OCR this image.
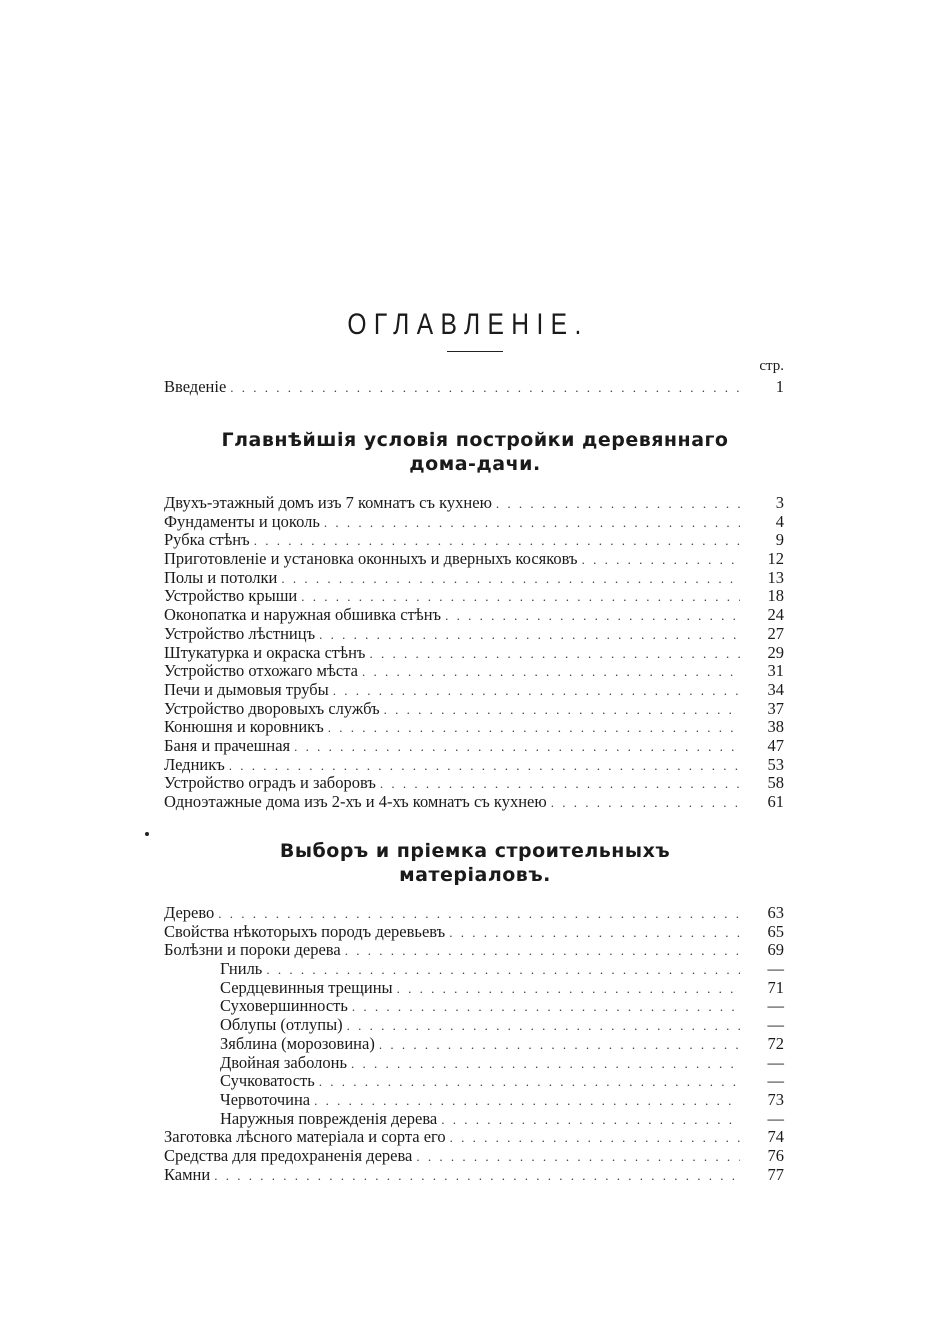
ОГЛАВЛЕНІЕ.
стр.
Введеніе . . .	1
Главнѣйшія условія постройки деревяннаго
дома-дачи.
Двухъ-этажный домъ изъ 7 комнатъ съ кухнею . . .	3
Фундаменты и цоколь . . .	4
Рубка стѣнъ . . .	9
Приготовленіе и установка оконныхъ и дверныхъ косяковъ . . .	12
Полы и потолки . . .	13
Устройство крыши . . .	18
Оконопатка и наружная обшивка стѣнъ . . .	24
Устройство лѣстницъ . . .	27
Штукатурка и окраска стѣнъ . . .	29
Устройство отхожаго мѣста . . .	31
Печи и дымовыя трубы . . .	34
Устройство дворовыхъ службъ . . .	37
Конюшня и коровникъ . . .	38
Баня и прачешная . . .	47
Ледникъ . . .	53
Устройство оградъ и заборовъ . . .	58
Одноэтажные дома изъ 2-хъ и 4-хъ комнатъ съ кухнею . . .	61
Выборъ и пріемка строительныхъ
матеріаловъ.
Дерево . . .	63
Свойства нѣкоторыхъ породъ деревьевъ . . .	65
Болѣзни и пороки дерева . . .	69
Гниль . . .	—
Сердцевинныя трещины . . .	71
Суховершинность . . .	—
Облупы (отлупы) . . .	—
Зяблина (морозовина) . . .	72
Двойная заболонь . . .	—
Сучковатость . . .	—
Червоточина . . .	73
Наружныя поврежденія дерева . . .	—
Заготовка лѣсного матеріала и сорта его . . .	74
Средства для предохраненія дерева . . .	76
Камни . . .	77
